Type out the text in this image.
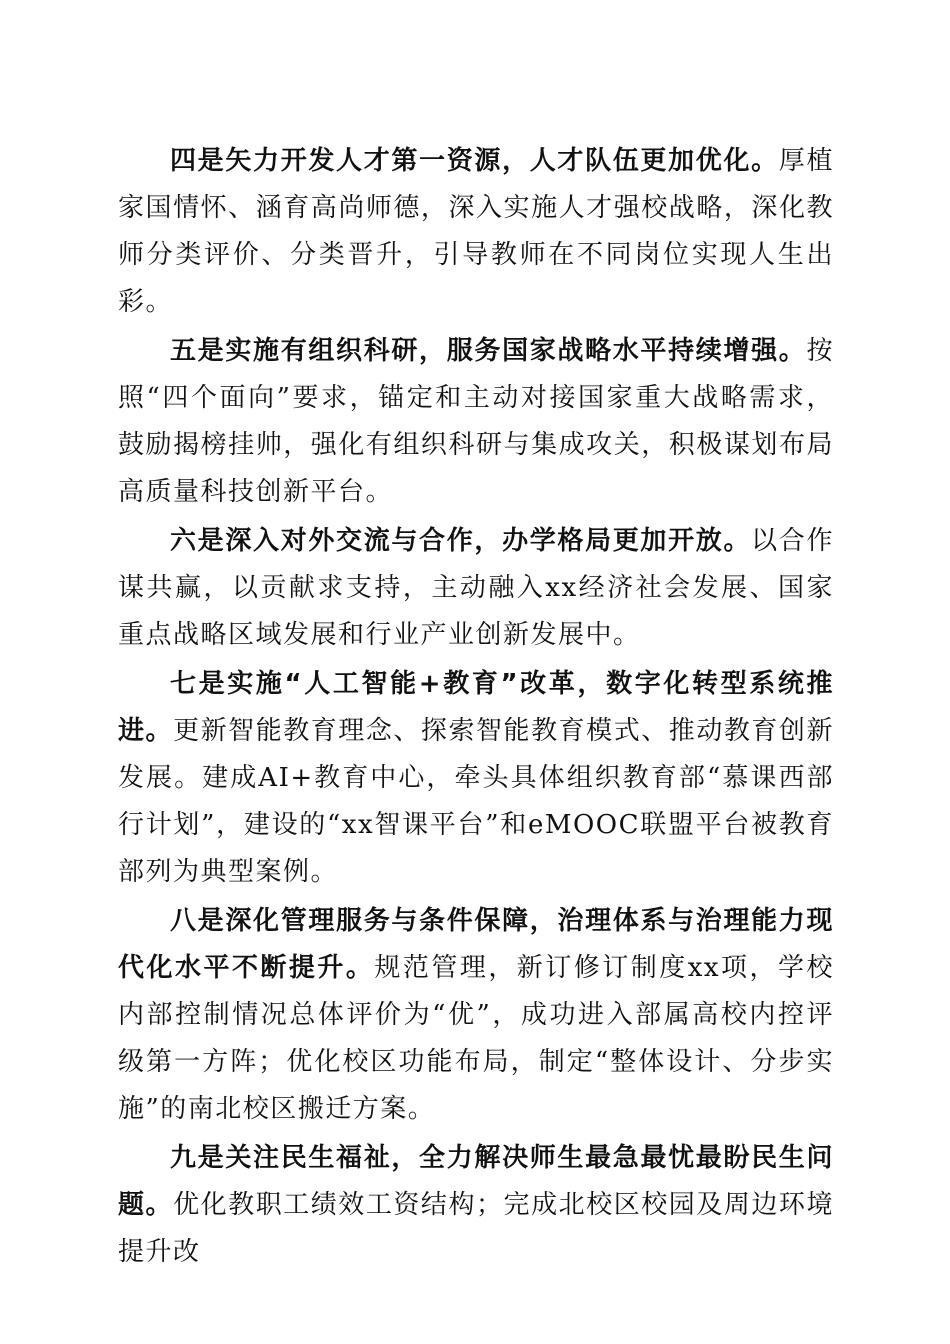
四是矢力开发人才第一资源，人才队伍更加优化。厚植家国情怀、涵育高尚师德，深入实施人才强校战略，深化教师分类评价、分类晋升，引导教师在不同岗位实现人生出彩。

五是实施有组织科研，服务国家战略水平持续增强。按照“四个面向”要求，锚定和主动对接国家重大战略需求，鼓励揭榜挂帅，强化有组织科研与集成攻关，积极谋划布局高质量科技创新平台。

六是深入对外交流与合作，办学格局更加开放。以合作谋共赢，以贡献求支持，主动融入xx经济社会发展、国家重点战略区域发展和行业产业创新发展中。

七是实施“人工智能+教育”改革，数字化转型系统推进。更新智能教育理念、探索智能教育模式、推动教育创新发展。建成AI+教育中心，牵头具体组织教育部“慕课西部行计划”，建设的“xx智课平台”和eMOOC联盟平台被教育部列为典型案例。

八是深化管理服务与条件保障，治理体系与治理能力现代化水平不断提升。规范管理，新订修订制度xx项，学校内部控制情况总体评价为“优”，成功进入部属高校内控评级第一方阵；优化校区功能布局，制定“整体设计、分步实施”的南北校区搬迁方案。

九是关注民生福祉，全力解决师生最急最忧最盼民生问题。优化教职工绩效工资结构；完成北校区校园及周边环境提升改
